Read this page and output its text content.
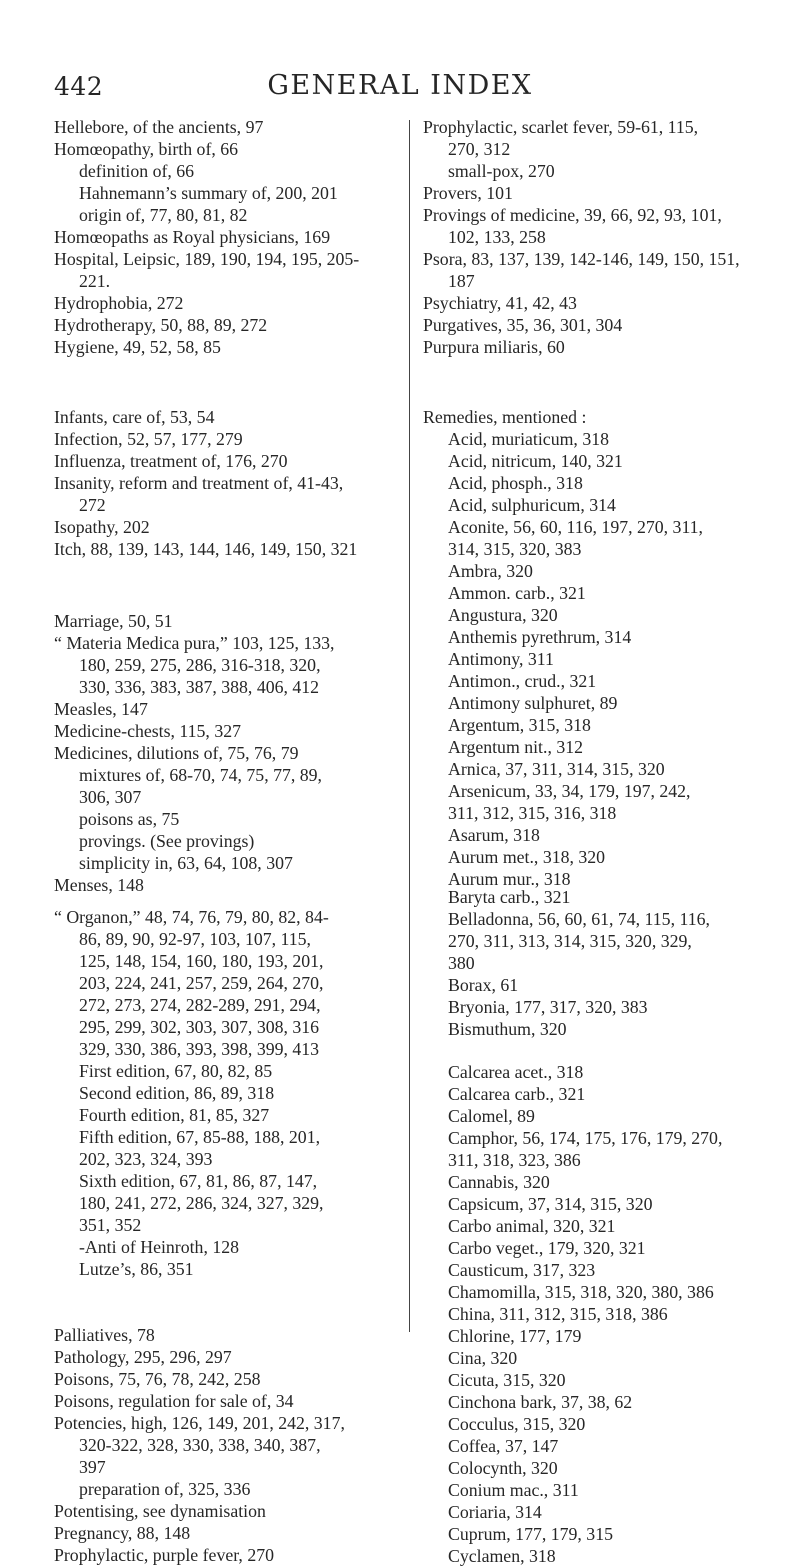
442	GENERAL INDEX
Hellebore, of the ancients, 97
Homœopathy, birth of, 66
definition of, 66
Hahnemann’s summary of, 200, 201
origin of, 77, 80, 81, 82
Homœopaths as Royal physicians, 169
Hospital, Leipsic, 189, 190, 194, 195, 205-
221.
Hydrophobia, 272
Hydrotherapy, 50, 88, 89, 272
Hygiene, 49, 52, 58, 85
Infants, care of, 53, 54
Infection, 52, 57, 177, 279
Influenza, treatment of, 176, 270
Insanity, reform and treatment of, 41-43,
272
Isopathy, 202
Itch, 88, 139, 143, 144, 146, 149, 150, 321
Marriage, 50, 51
“ Materia Medica pura,” 103, 125, 133,
180, 259, 275, 286, 316-318, 320,
330, 336, 383, 387, 388, 406, 412
Measles, 147
Medicine-chests, 115, 327
Medicines, dilutions of, 75, 76, 79
mixtures of, 68-70, 74, 75, 77, 89,
306, 307
poisons as, 75
provings. (See provings)
simplicity in, 63, 64, 108, 307
Menses, 148
“ Organon,” 48, 74, 76, 79, 80, 82, 84-
86, 89, 90, 92-97, 103, 107, 115,
125, 148, 154, 160, 180, 193, 201,
203, 224, 241, 257, 259, 264, 270,
272, 273, 274, 282-289, 291, 294,
295, 299, 302, 303, 307, 308, 316
329, 330, 386, 393, 398, 399, 413
First edition, 67, 80, 82, 85
Second edition, 86, 89, 318
Fourth edition, 81, 85, 327
Fifth edition, 67, 85-88, 188, 201,
202, 323, 324, 393
Sixth edition, 67, 81, 86, 87, 147,
180, 241, 272, 286, 324, 327, 329,
351, 352
-Anti of Heinroth, 128
Lutze’s, 86, 351
Palliatives, 78
Pathology, 295, 296, 297
Poisons, 75, 76, 78, 242, 258
Poisons, regulation for sale of, 34
Potencies, high, 126, 149, 201, 242, 317,
320-322, 328, 330, 338, 340, 387,
397
preparation of, 325, 336
Potentising, see dynamisation
Pregnancy, 88, 148
Prophylactic, purple fever, 270
Prophylactic, scarlet fever, 59-61, 115,
270, 312
small-pox, 270
Provers, 101
Provings of medicine, 39, 66, 92, 93, 101,
102, 133, 258
Psora, 83, 137, 139, 142-146, 149, 150, 151,
187
Psychiatry, 41, 42, 43
Purgatives, 35, 36, 301, 304
Purpura miliaris, 60
Remedies, mentioned :
Acid, muriaticum, 318
Acid, nitricum, 140, 321
Acid, phosph., 318
Acid, sulphuricum, 314
Aconite, 56, 60, 116, 197, 270, 311,
314, 315, 320, 383
Ambra, 320
Ammon. carb., 321
Angustura, 320
Anthemis pyrethrum, 314
Antimony, 311
Antimon., crud., 321
Antimony sulphuret, 89
Argentum, 315, 318
Argentum nit., 312
Arnica, 37, 311, 314, 315, 320
Arsenicum, 33, 34, 179, 197, 242,
311, 312, 315, 316, 318
Asarum, 318
Aurum met., 318, 320
Aurum mur., 318
Baryta carb., 321
Belladonna, 56, 60, 61, 74, 115, 116,
270, 311, 313, 314, 315, 320, 329,
380
Borax, 61
Bryonia, 177, 317, 320, 383
Bismuthum, 320
Calcarea acet., 318
Calcarea carb., 321
Calomel, 89
Camphor, 56, 174, 175, 176, 179, 270,
311, 318, 323, 386
Cannabis, 320
Capsicum, 37, 314, 315, 320
Carbo animal, 320, 321
Carbo veget., 179, 320, 321
Causticum, 317, 323
Chamomilla, 315, 318, 320, 380, 386
China, 311, 312, 315, 318, 386
Chlorine, 177, 179
Cina, 320
Cicuta, 315, 320
Cinchona bark, 37, 38, 62
Cocculus, 315, 320
Coffea, 37, 147
Colocynth, 320
Conium mac., 311
Coriaria, 314
Cuprum, 177, 179, 315
Cyclamen, 318
